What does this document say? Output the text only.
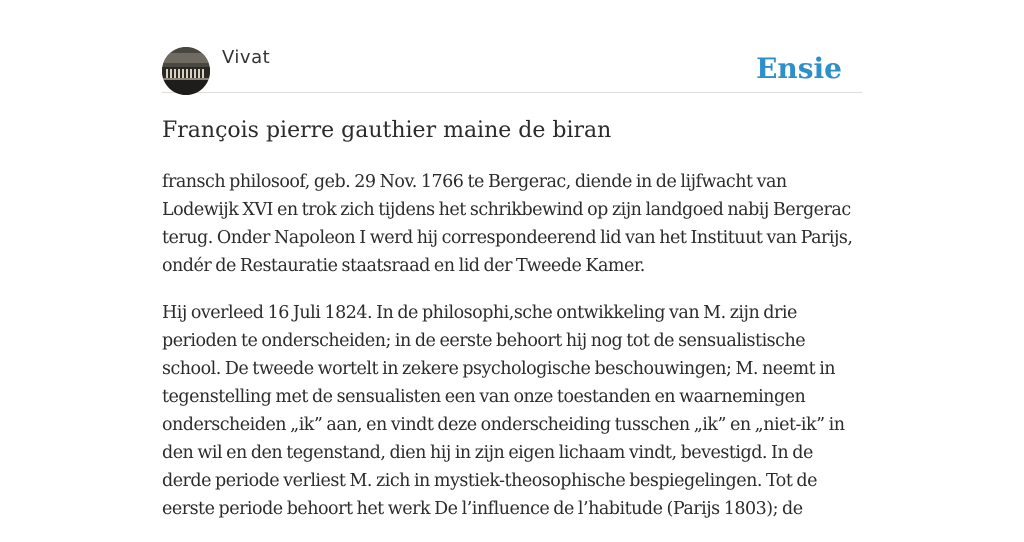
Vivat	Ensie
François pierre gauthier maine de biran

fransch philosoof, geb. 29 Nov. 1766 te Bergerac, diende in de lijfwacht van Lodewijk XVI en trok zich tijdens het schrikbewind op zijn landgoed nabij Bergerac terug. Onder Napoleon I werd hij correspondeerend lid van het Instituut van Parijs, ondér de Restauratie staatsraad en lid der Tweede Kamer.

Hij overleed 16 Juli 1824. In de philosophi,sche ontwikkeling van M. zijn drie perioden te onderscheiden; in de eerste behoort hij nog tot de sensualistische school. De tweede wortelt in zekere psychologische beschouwingen; M. neemt in tegenstelling met de sensualisten een van onze toestanden en waarnemingen onderscheiden „ik” aan, en vindt deze onderscheiding tusschen „ik” en „niet-ik” in den wil en den tegenstand, dien hij in zijn eigen lichaam vindt, bevestigd. In de derde periode verliest M. zich in mystiek-theosophische bespiegelingen. Tot de eerste periode behoort het werk De l’influence de l’habitude (Parijs 1803); de
